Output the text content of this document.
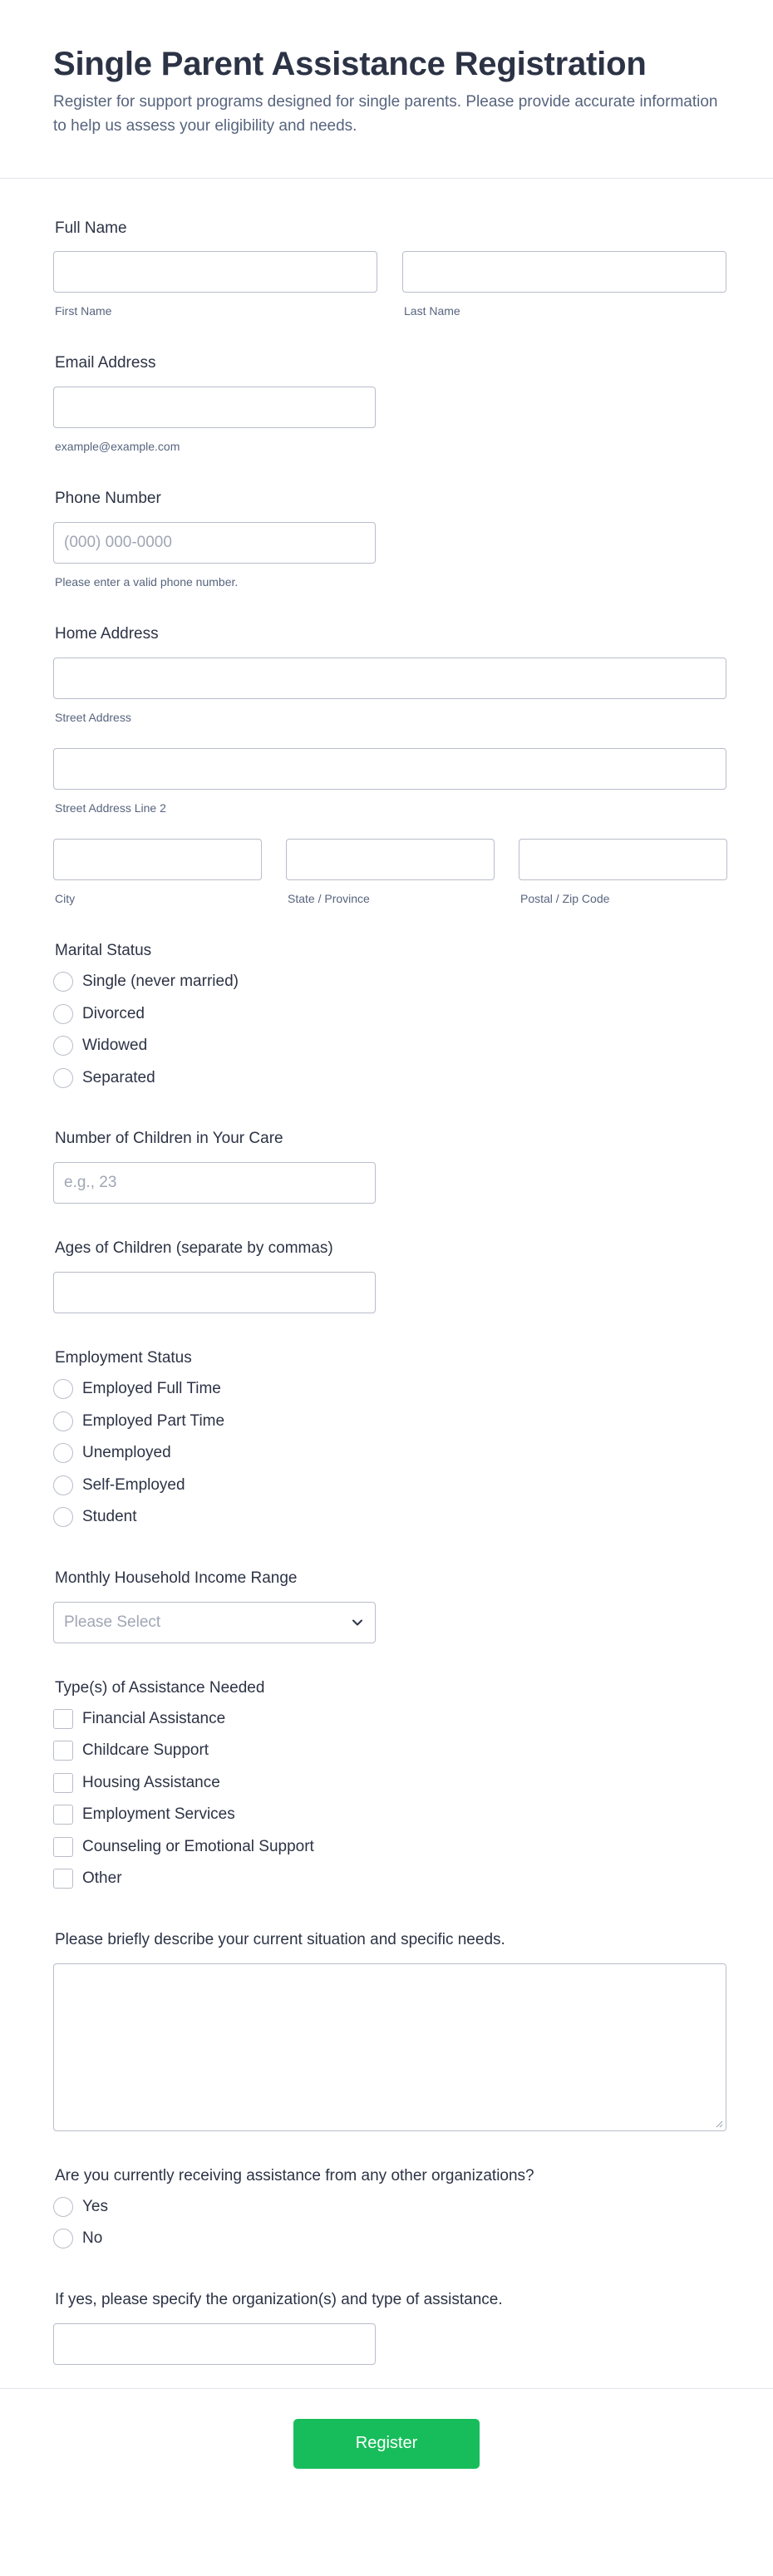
Single Parent Assistance Registration

Register for support programs designed for single parents. Please provide accurate information to help us assess your eligibility and needs.

Full Name
First Name	Last Name
Email Address
example@example.com
Phone Number
(000) 000-0000
Please enter a valid phone number.
Home Address
Street Address
Street Address Line 2
City	State / Province	Postal / Zip Code
Marital Status
Single (never married)
Divorced
Widowed
Separated
Number of Children in Your Care
e.g., 23
Ages of Children (separate by commas)
Employment Status
Employed Full Time
Employed Part Time
Unemployed
Self-Employed
Student
Monthly Household Income Range
Please Select
Type(s) of Assistance Needed
Financial Assistance
Childcare Support
Housing Assistance
Employment Services
Counseling or Emotional Support
Other
Please briefly describe your current situation and specific needs.
Are you currently receiving assistance from any other organizations?
Yes
No
If yes, please specify the organization(s) and type of assistance.
Register
